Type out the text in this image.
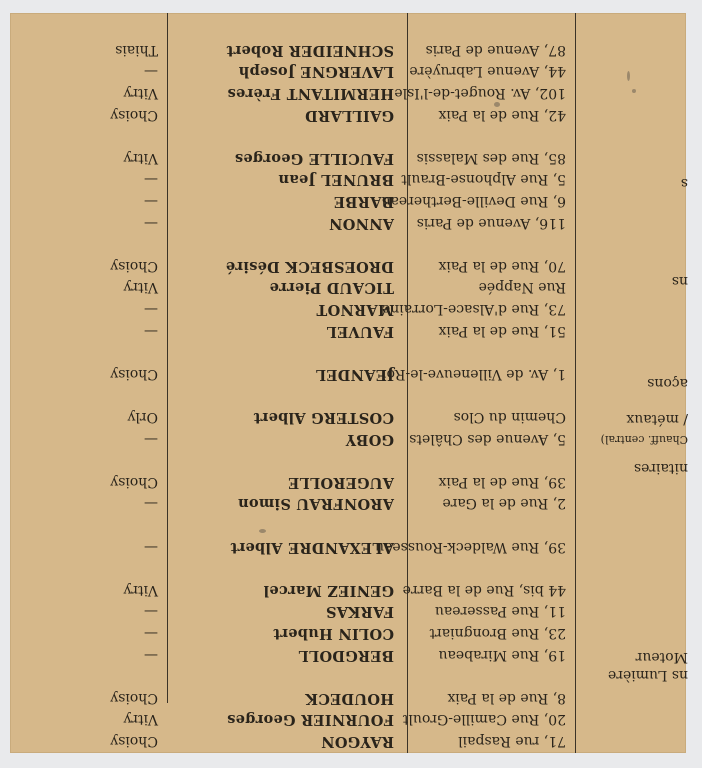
ns Lumière
Moteur
nitaires
Chauff. central)
/ métaux
açons
ns
s
71, rue Raspail
RAYGON
Choisy
20, Rue Camille-Groult
FOURNIER Georges
Vitry
8, Rue de la Paix
HOUDECK
Choisy
19, Rue Mirabeau
BERGDOLL
—
23, Rue Brongniart
COLIN Hubert
—
11, Rue Passereau
FARKAS
—
44 bis, Rue de la Barre
GENIEZ Marcel
Vitry
39, Rue Waldeck-Rousseau
ALEXANDRE Albert
—
2, Rue de la Gare
ARONFRAU Simon
—
39, Rue de la Paix
AUGEROLLE
Choisy
5, Avenue des Châlets
GOBY
—
Chemin du Clos
COSTERG Albert
Orly
1, Av. de Villeneuve-le-Roi
JEANDEL
Choisy
51, Rue de la Paix
FAUVEL
—
73, Rue d'Alsace-Lorraine
MARNOT
—
Rue Nappée
TICAUD Pierre
Vitry
70, Rue de la Paix
DROESBECK Désiré
Choisy
116, Avenue de Paris
ANNON
—
6, Rue Deville-Berthereau
BARBE
—
5, Rue Alphonse-Brault
BRUNEL Jean
—
85, Rue des Malassis
FAUCILLE Georges
Vitry
42, Rue de la Paix
GAILLARD
Choisy
102, Av. Rouget-de-l'Isle
HERMITANT Frères
Vitry
44, Avenue Labruyère
LAVERGNE Joseph
—
87, Avenue de Paris
SCHNEIDER Robert
Thiais
